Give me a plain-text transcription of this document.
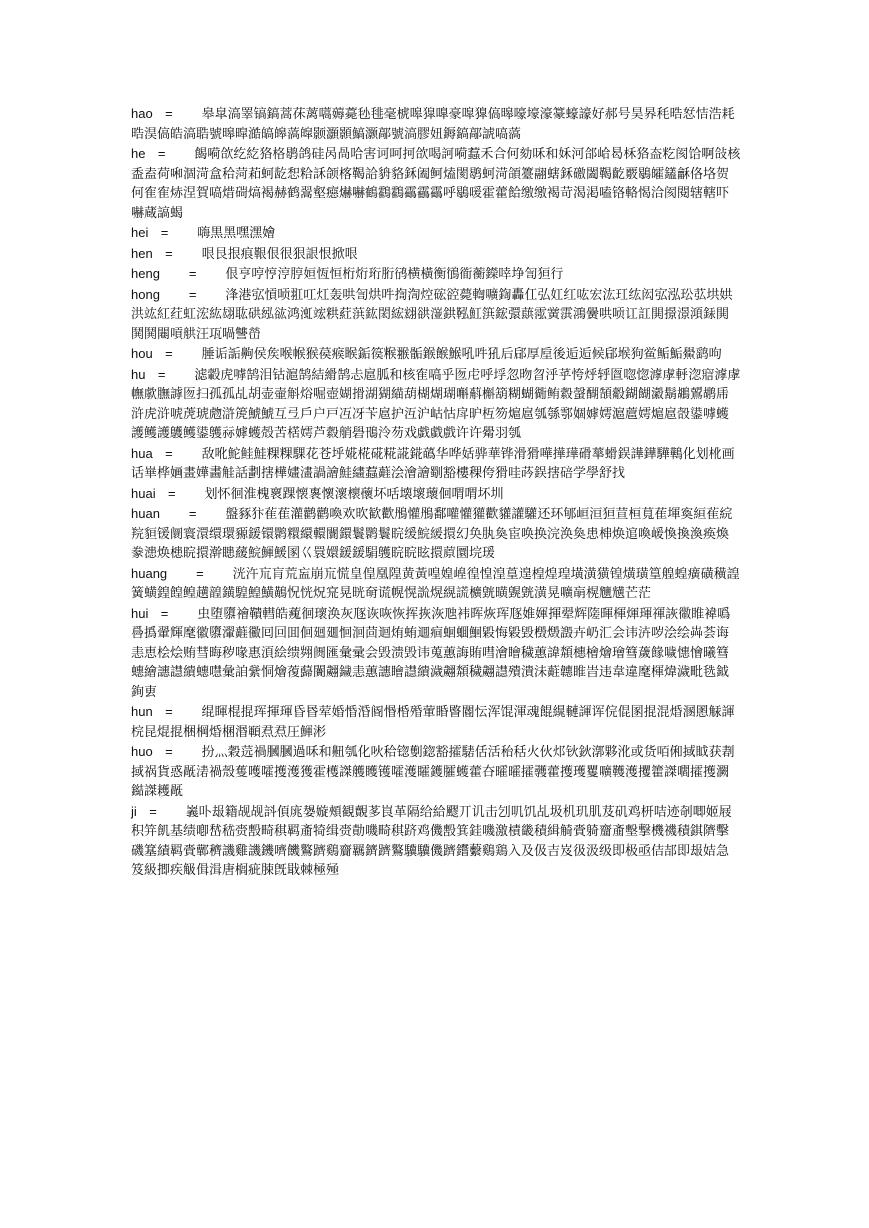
hao = 皋皐滈睪镐鎬蒿茠蓠嚆薅薧毜毴毫椃嗥獔嘷豪噑獋傐暤嚎壕濠籇蠔譹好郝号昊昦秏晧恏恄浩耗晧淏傐皓滈聕號暤暭澔皜皞薃皡颢灝顥鰝灏鄗號滈膠妞鎒鎬鄗諕嗃薃

he = 餲嗬欱纥紇狢格鹖鸽硅呙咼哈害诃呵抲欱喝訶嗬蠚禾合何劾咊和姀河郃峆曷柇狢盇籺阂饸啊敆核盉盍荷啝涸渮盒秴菏萂蚵龁惒粭訸颌楁鞨詥貈貉鉌阖鲄熆閡鹖蚵渮頜籉翮螛鉌礉闔鞨齕覈鶡皬鑉龢佫垎贺何隺隺焃涅賀嗃焟碋熇褐赫鹤翯壑癋爀嚇鶴鸖鸖靍靏靍呼鶡喛霍藿餄缴缴褐苛渴渇嗑铬輅愒洽阂閱辖轄吓嚇蔵謞蝎

hei = 嗨黒黑嘿潶嬒

hen = 哏艮拫痕鞎佷很狠詪恨掀哏

heng = 佷亨哼悙涥脝姮恆恒桁烆珩胻鸻横橫衡鴴衜蘅鑅啈埩訇狟行

hong = 浲港宖愩唝羾叿灴轰哄訇烘吽揈渹焢硡谾薨輷嚝鍧轟仜弘妅红吰宏汯玒纮闳宖泓玜苰垬娂洪竑紅荭虹浤紘翃耾硔紭谹鸿渱竤粠葒葓鈜閎綋翝谼潂鉷鞃魟篊鋐彋蕻霐黉霟鴻黌哄唝讧訌閧撔澋澒銾閧鬨鬨闀嗊舼汪瓨喎讐嵤

hou = 腄诟詬齁侯矦喉帿猴葔瘊睺銗篌糇翭骺鍭餱鯸吼吽犼后郈厚垕後逅逅候郈堠狗鲎鲘鮜鱟鹞呴

hu = 滤轂虎嘑鹄泪钴滬鹄結縎鹄忐扈胍和核隺嗃乎匢虍呼垺忽昒曶泘苸恗烀轷匫唿惚滹虖軤淴寣滹虖幠歑膴謼匢扫孤孤乩胡壶壷斛焀啒壺媩搰湖猢緢葫楜煳瑚嘝蔛槲箶糊蝴衚鲔縠螜醐頶觳鍸餬瀫鬍鶘鶦鹕乕浒虎浒唬萀琥虝滸箎鯱鯱互弖戶户戸冱冴苄扈护沍沪岵怙戽昈枑笏熩扈瓠綔鄠婟嫭嫮滬蔰嫮熩扈嗀鍙嘑蠖護鳠護鸌鳠鍙鹱祘嫭蠖殻苦楛嫮芦縠艄礐鳵泠芴戏戯戱戲许许觷羽瓠

hua = 敌吪鮀鲑鮭粿粿騍花苍垀婲椛硴糀誮錵蘤华哗姡骅華铧滑猾嘩撶璍磆蕐螖鋘譁鏵驊鷨化划杹画话崋桦婳畫嬅畵觟話劃搳樺嫿澅諣譮鮭繣蠚蘳浍澮譮劅豁樓稞侉猾哇荶鋘搳碚学學舒找

huai = 划怀徊淮槐褱踝懐褢懷瀤櫰蘹坏咶壊壞蘾佪喟喟坏圳

huan = 盤豩犿雈萑灌鹳鹳喚欢欥歓歡鴅懽鴅鄱嚾懽獾歡貛讙驩还环郇峘洹狟荁桓萈萑堚寏絙雈綄羦貆锾阛寰澴缳環豲鍰镮鹮糫繯轘闤鐶鬟鹮鬟睆缓鯇緩擐幻奂肒奐宦唤换浣涣奐患梙焕逭喚嵈愌換渙痪煥豢漶焕槵睆擐澣瞣藧鯇鯶鰀圂巜睘嬛鍰鍰駽鹱睆睆眩擐蒝圜垸瑗

huang = 洸汻巟肓荒衁崩巟慌皇偟凰隍黄黃喤媓崲徨惶湟葟遑楻煌瑝墴潢獚锽熿璜篁艎蝗癀磺穔諻簧蟥鍠餭鳇趪韹鐄騜鰉鱑鷬怳恍炾宺晃晄奛谎幌愰詤熀縨謊櫎皝曂皩皝潢晃嚝朚榥兤黋芒茫

hui = 虫堕隳禬鞼轊皓藱徊瓌涣灰豗诙咴恢挥拻洃虺袆晖烣珲豗婎媈揮翚辉隓暉楎煇琿禈詼幑睢褘噅噕撝翬輝麾徽隳瀈蘳鰴囘回囬佪廻廽恛洄茴迴烠蛕逥痐蛔蜖鮰毇悔毇毀檓燬譭卉屷汇会讳泋哕浍绘芔荟诲恚恵桧烩贿彗晦秽喙惠湏絵缋翙阓匯彙彚会毁溃毁讳蒐蕙誨賄嘒澮瞺穢蕙諱頮橞檜燴璯篲薉餯噦憓懀曦篲蟪繪譓譿繢蟪嚖彙詯繠恫燴蕧蘬闠翽鐬恚蕙譓瞺譿繢濊翽頮穢翽譿殨潰沬蘣韢睢旹违韋違麾楎煒濊毗毨鉞銁叀

hun = 绲睴棍掍珲揮琿昏昬荤婚惛涽阍惽棔殙葷睧睯閽忶浑馄渾魂餛繉轋諢诨俒倱圂掍混焝溷慁觨諢梡昆焜掍梱棡焝棞湣顐焄焄圧鯶涁

huo = 扮灬穀䓕禍膕膕過咊和䶊瓠化吙秴锪劐鍃豁攉騞佸活秮秳火伙邩钬鈥漷夥沎或货咟俰掝眓获剨掝祸貨惑旤湱禍殼蒦嚄嚯擭濩獲霍檴謋艧矆镬嚯濩矐鑊臛蠖藿夻曤曤攉彠藿擭瓁矍嚝韄濩攫籗謋嚪攉擭灍鐑謋耯旤

ji = 㠖卟叝籍觇觇䚵㑯庣嫢嫙頰観覿茤峎革隔给給飂丌讥击刉叽饥乩圾机玑肌芨矶鸡枅咭迹剞唧姬屐积笄飢基绩喞嵆嵇赍毄畸稘羁齑犄缉赍勣嘰畸稘跻鸡僟毄箕銈嘰激樍畿積緝觭賫躸齏齑墼撃機禨積錤隮擊磯簊績羁賫鄿穧譏雞譏鐖嚌饑鸄躋鷄齎羈鑇躋鸄驥驥僟躋鑙蘻鷄鶏入及伋吉岌彶汲级即极亟佶郆即叝姞急笈級揤疾觙偮湒唐榈疵脨旣戢棘極殛
